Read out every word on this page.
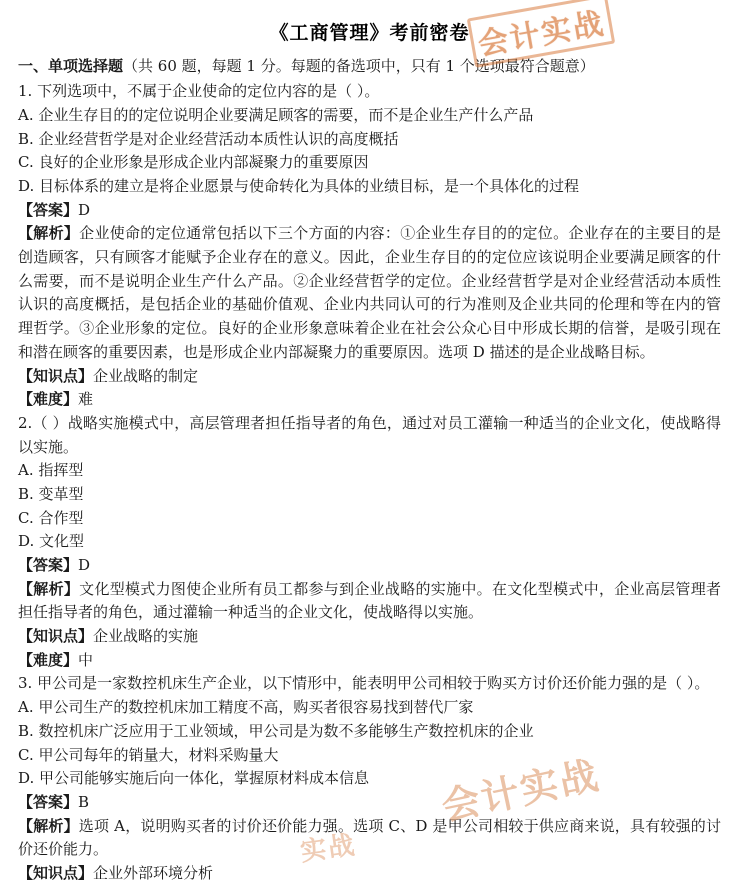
会计实战
会计实战
实战
《工商管理》考前密卷
一、单项选择题（共 60 题，每题 1 分。每题的备选项中，只有 1 个选项最符合题意）

1. 下列选项中，不属于企业使命的定位内容的是（ ）。

A. 企业生存目的的定位说明企业要满足顾客的需要，而不是企业生产什么产品

B. 企业经营哲学是对企业经营活动本质性认识的高度概括

C. 良好的企业形象是形成企业内部凝聚力的重要原因

D. 目标体系的建立是将企业愿景与使命转化为具体的业绩目标，是一个具体化的过程

【答案】D

【解析】企业使命的定位通常包括以下三个方面的内容：①企业生存目的的定位。企业存在的主要目的是创造顾客，只有顾客才能赋予企业存在的意义。因此，企业生存目的的定位应该说明企业要满足顾客的什么需要，而不是说明企业生产什么产品。②企业经营哲学的定位。企业经营哲学是对企业经营活动本质性认识的高度概括，是包括企业的基础价值观、企业内共同认可的行为准则及企业共同的伦理和等在内的管理哲学。③企业形象的定位。良好的企业形象意味着企业在社会公众心目中形成长期的信誉，是吸引现在和潜在顾客的重要因素，也是形成企业内部凝聚力的重要原因。选项 D 描述的是企业战略目标。

【知识点】企业战略的制定

【难度】难

2.（ ）战略实施模式中，高层管理者担任指导者的角色，通过对员工灌输一种适当的企业文化，使战略得以实施。

A. 指挥型

B. 变革型

C. 合作型

D. 文化型

【答案】D

【解析】文化型模式力图使企业所有员工都参与到企业战略的实施中。在文化型模式中，企业高层管理者担任指导者的角色，通过灌输一种适当的企业文化，使战略得以实施。

【知识点】企业战略的实施

【难度】中

3. 甲公司是一家数控机床生产企业，以下情形中，能表明甲公司相较于购买方讨价还价能力强的是（ ）。

A. 甲公司生产的数控机床加工精度不高，购买者很容易找到替代厂家

B. 数控机床广泛应用于工业领域，甲公司是为数不多能够生产数控机床的企业

C. 甲公司每年的销量大，材料采购量大

D. 甲公司能够实施后向一体化，掌握原材料成本信息

【答案】B

【解析】选项 A，说明购买者的讨价还价能力强。选项 C、D 是甲公司相较于供应商来说，具有较强的讨价还价能力。

【知识点】企业外部环境分析
